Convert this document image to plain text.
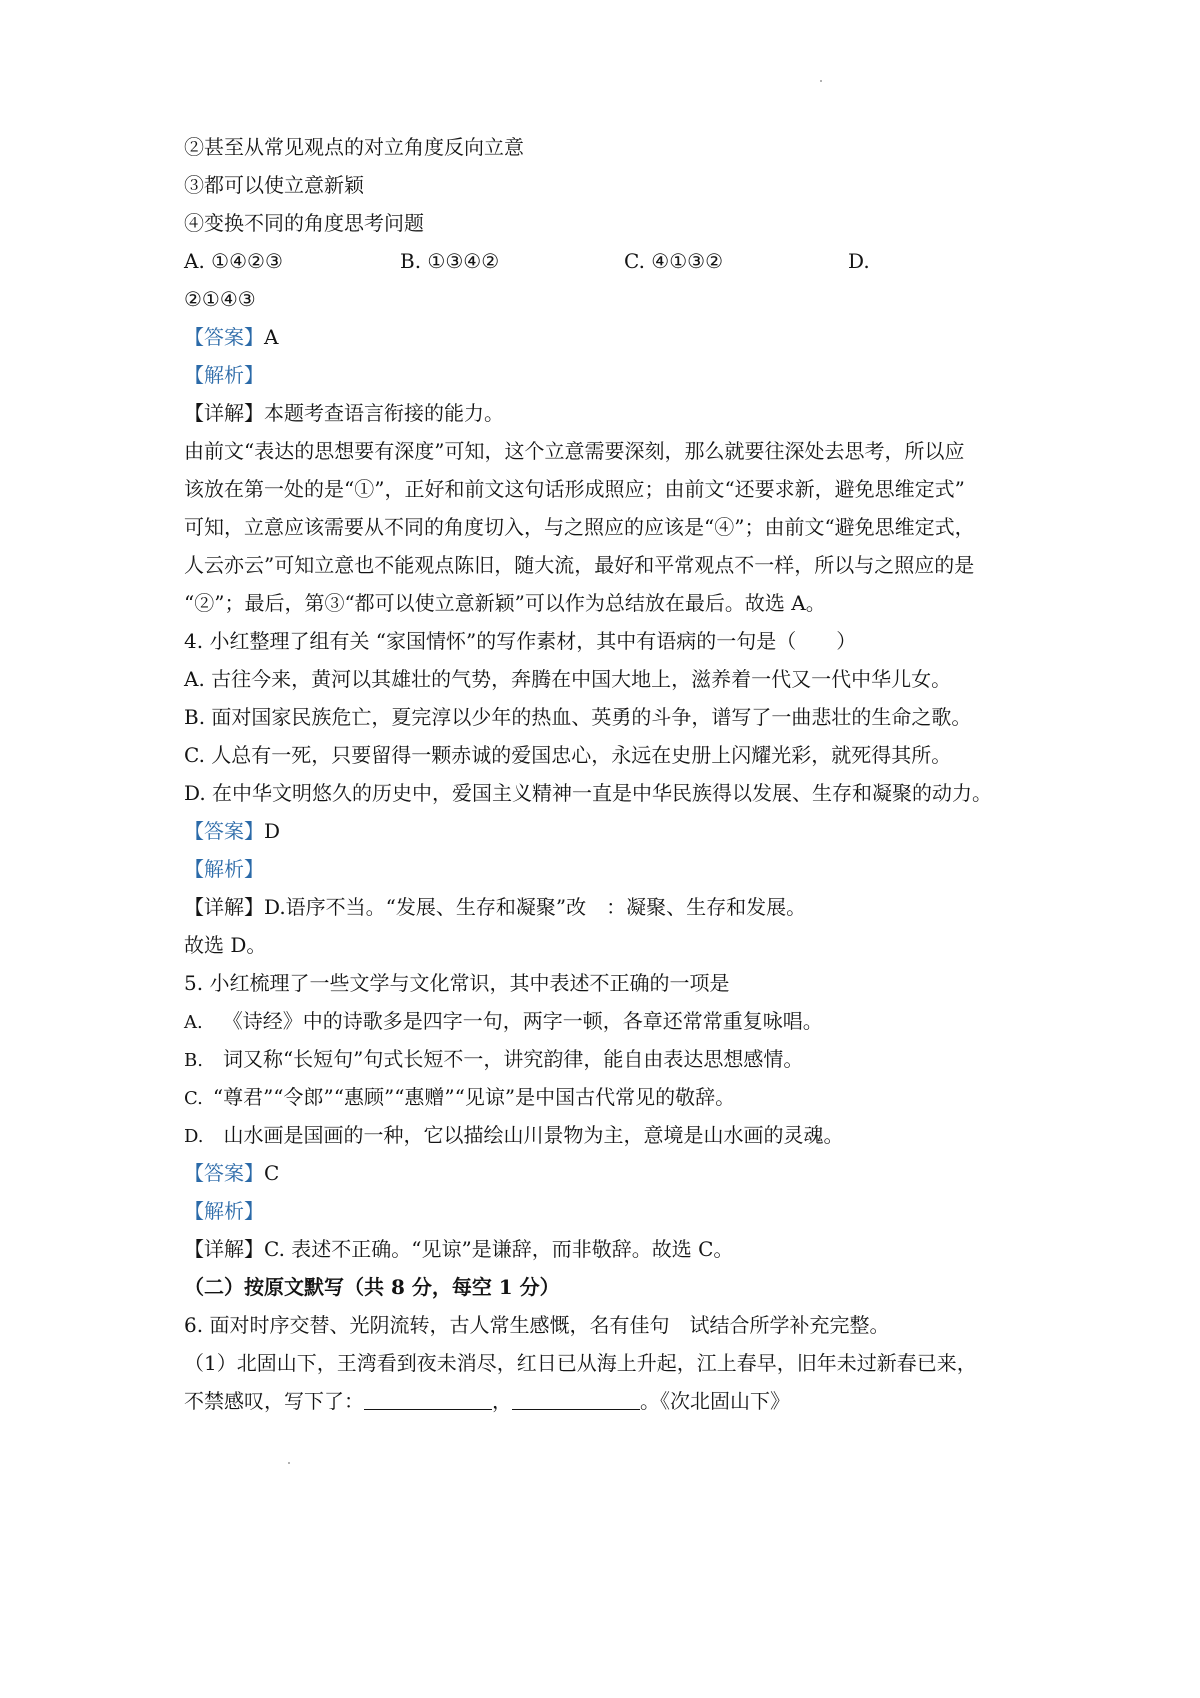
②甚至从常见观点的对立角度反向立意
③都可以使立意新颖
④变换不同的角度思考问题
A. ①④②③	B. ①③④②	C. ④①③②	D.
②①④③
【答案】A
【解析】
【详解】本题考查语言衔接的能力。
由前文“表达的思想要有深度”可知，这个立意需要深刻，那么就要往深处去思考，所以应
该放在第一处的是“①”，正好和前文这句话形成照应；由前文“还要求新，避免思维定式”
可知，立意应该需要从不同的角度切入，与之照应的应该是“④”；由前文“避免思维定式，
人云亦云”可知立意也不能观点陈旧，随大流，最好和平常观点不一样，所以与之照应的是
“②”；最后，第③“都可以使立意新颖”可以作为总结放在最后。故选 A。
4. 小红整理了组有关 “家国情怀”的写作素材，其中有语病的一句是（　　）
A. 古往今来，黄河以其雄壮的气势，奔腾在中国大地上，滋养着一代又一代中华儿女。
B. 面对国家民族危亡，夏完淳以少年的热血、英勇的斗争，谱写了一曲悲壮的生命之歌。
C. 人总有一死，只要留得一颗赤诚的爱国忠心，永远在史册上闪耀光彩，就死得其所。
D. 在中华文明悠久的历史中，爱国主义精神一直是中华民族得以发展、生存和凝聚的动力。
【答案】D
【解析】
【详解】D.语序不当。“发展、生存和凝聚”改　：凝聚、生存和发展。
故选 D。
5. 小红梳理了一些文学与文化常识，其中表述不正确的一项是
A.  《诗经》中的诗歌多是四字一句，两字一顿，各章还常常重复咏唱。
B.  词又称“长短句”句式长短不一，讲究韵律，能自由表达思想感情。
C.  “尊君”“令郎”“惠顾”“惠赠”“见谅”是中国古代常见的敬辞。
D.  山水画是国画的一种，它以描绘山川景物为主，意境是山水画的灵魂。
【答案】C
【解析】
【详解】C. 表述不正确。“见谅”是谦辞，而非敬辞。故选 C。
（二）按原文默写（共 8 分，每空 1 分）
6. 面对时序交替、光阴流转，古人常生感慨，名有佳句　试结合所学补充完整。
（1）北固山下，王湾看到夜未消尽，红日已从海上升起，江上春早，旧年未过新春已来，
不禁感叹，写下了：	，	。《次北固山下》
